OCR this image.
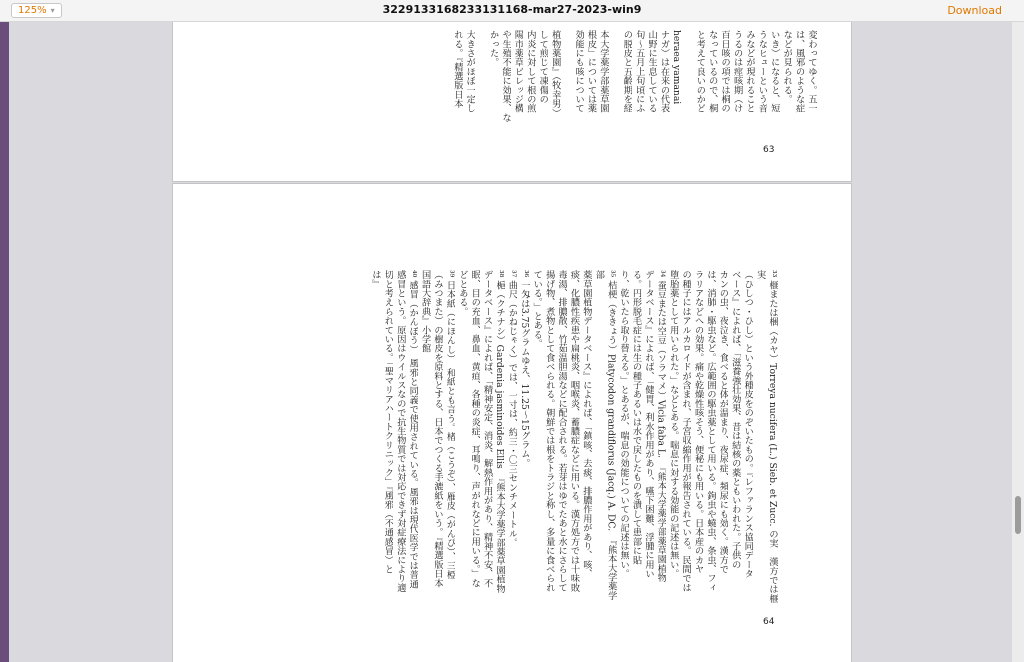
125% ▾	3229133168233131168-mar27-2023-win9	Download
変わってゆく。五一
は、風邪のような症
などが見られる。
いき）になると、短
うなヒューという音
みなどが現れること
うるのは痙咳期（け
百日咳の項では桐の
なっているので、桐
と考えて良いのかど
heraea yamanai
ナガ）は在来の代表
山野に生息している
旬～五月上旬頃にふ
の脱皮と五齢期を経
本大学薬学部薬草園
根皮」については薬
効能にも咳について
植物薬園』（牧幸男）
して煎じて凍傷の
内炎に対して根の煎
陽市薬草ビレッジ構
や生殖不能に効果、な
かった。
大きさがほぼ一定し
れる。『精選版日本
63
³³ 榧または梱（カヤ）Torreya nucifera (L.) Sieb. et Zucc. の実　漢方では榧実
（ひしつ・ひし）という外種皮をのぞいたもの。『レファランス協同データ
ベース』によれば、「滋養強壮効果、昔は結核の薬ともいわれた。子供の
カンの虫、夜泣き、食べると体が温まり、夜尿症、頻尿にも効く。漢方で
は、消肺・駆虫など。広範囲の駆虫薬として用いる。鉤虫や蟯虫、条虫、フィ
ラリアなどへの効果。痛や乾燥性咳そう、便秘にも用いる。日本産のカヤ
の種子にはアルカロイドが含まれ、子宮収縮作用が報告されている。民間では
堕胎薬として用いられた。」などとある。喘息に対する効能の記述は無い。
³⁴ 蚕豆または空豆（ソラマメ）Vicia faba L.　『熊本大学薬学部薬草園植物
データベース』によれば、「健胃、利水作用があり、嚥下困難、浮腫に用い
る。円形脱毛症には生の種子あるいは水で戻したものを潰して患部に貼
り、乾いたら取り替える。」とあるが、喘息の効能についての記述は無い。
³⁵ 桔梗（ききょう）Platycodon grandiflorus (Jacq.) A. DC.　『熊本大学薬学部
薬草園植物データベース』によれば、「鎮咳、去痰、排膿作用があり、咳、
痰、化膿性疾患や扁桃炎、咽喉炎、蓄膿症などに用いる。漢方処方では十味敗
毒湯、排膿散、竹茹温胆湯などに配合される。若芽はゆでたあと水にさらして
揚げ物、煮物として食べられる。朝鮮では根をトラジと称し、多量に食べられ
ている。」とある。
³⁶ 一匁は3.75グラムゆえ、11.25～15グラム。
³⁷ 曲尺（かねじゃく）では、一寸は、約三・〇三センチメートル。
³⁸ 梔（クチナシ）Gardenia jasminoides Ellis　『熊本大学薬学部薬草園植物
データベース』によれば、「精神安定、消炎、解熱作用があり、精神不安、不
眠、目の充血、鼻血、黄疸、各種の炎症、耳鳴り、声がれなどに用いる。」な
どとある。
³⁹ 日本紙（にほんし）　和紙とも言う。楮（こうぞ）、雁皮（がんぴ）、三椏
（みつまた）の樹皮を原料とする、日本でつくる手漉紙をいう。『精選版日本
国語大辞典』小学館
⁴⁰ 感冒（かんぼう）　風邪と同義で使用されている。風邪は現代医学では普通
感冒という。原因はウイルスなので抗生物質では対応できず対症療法により適
切と考えられている。「聖マリアハートクリニック」『風邪（不通感冒）と
は』
64
